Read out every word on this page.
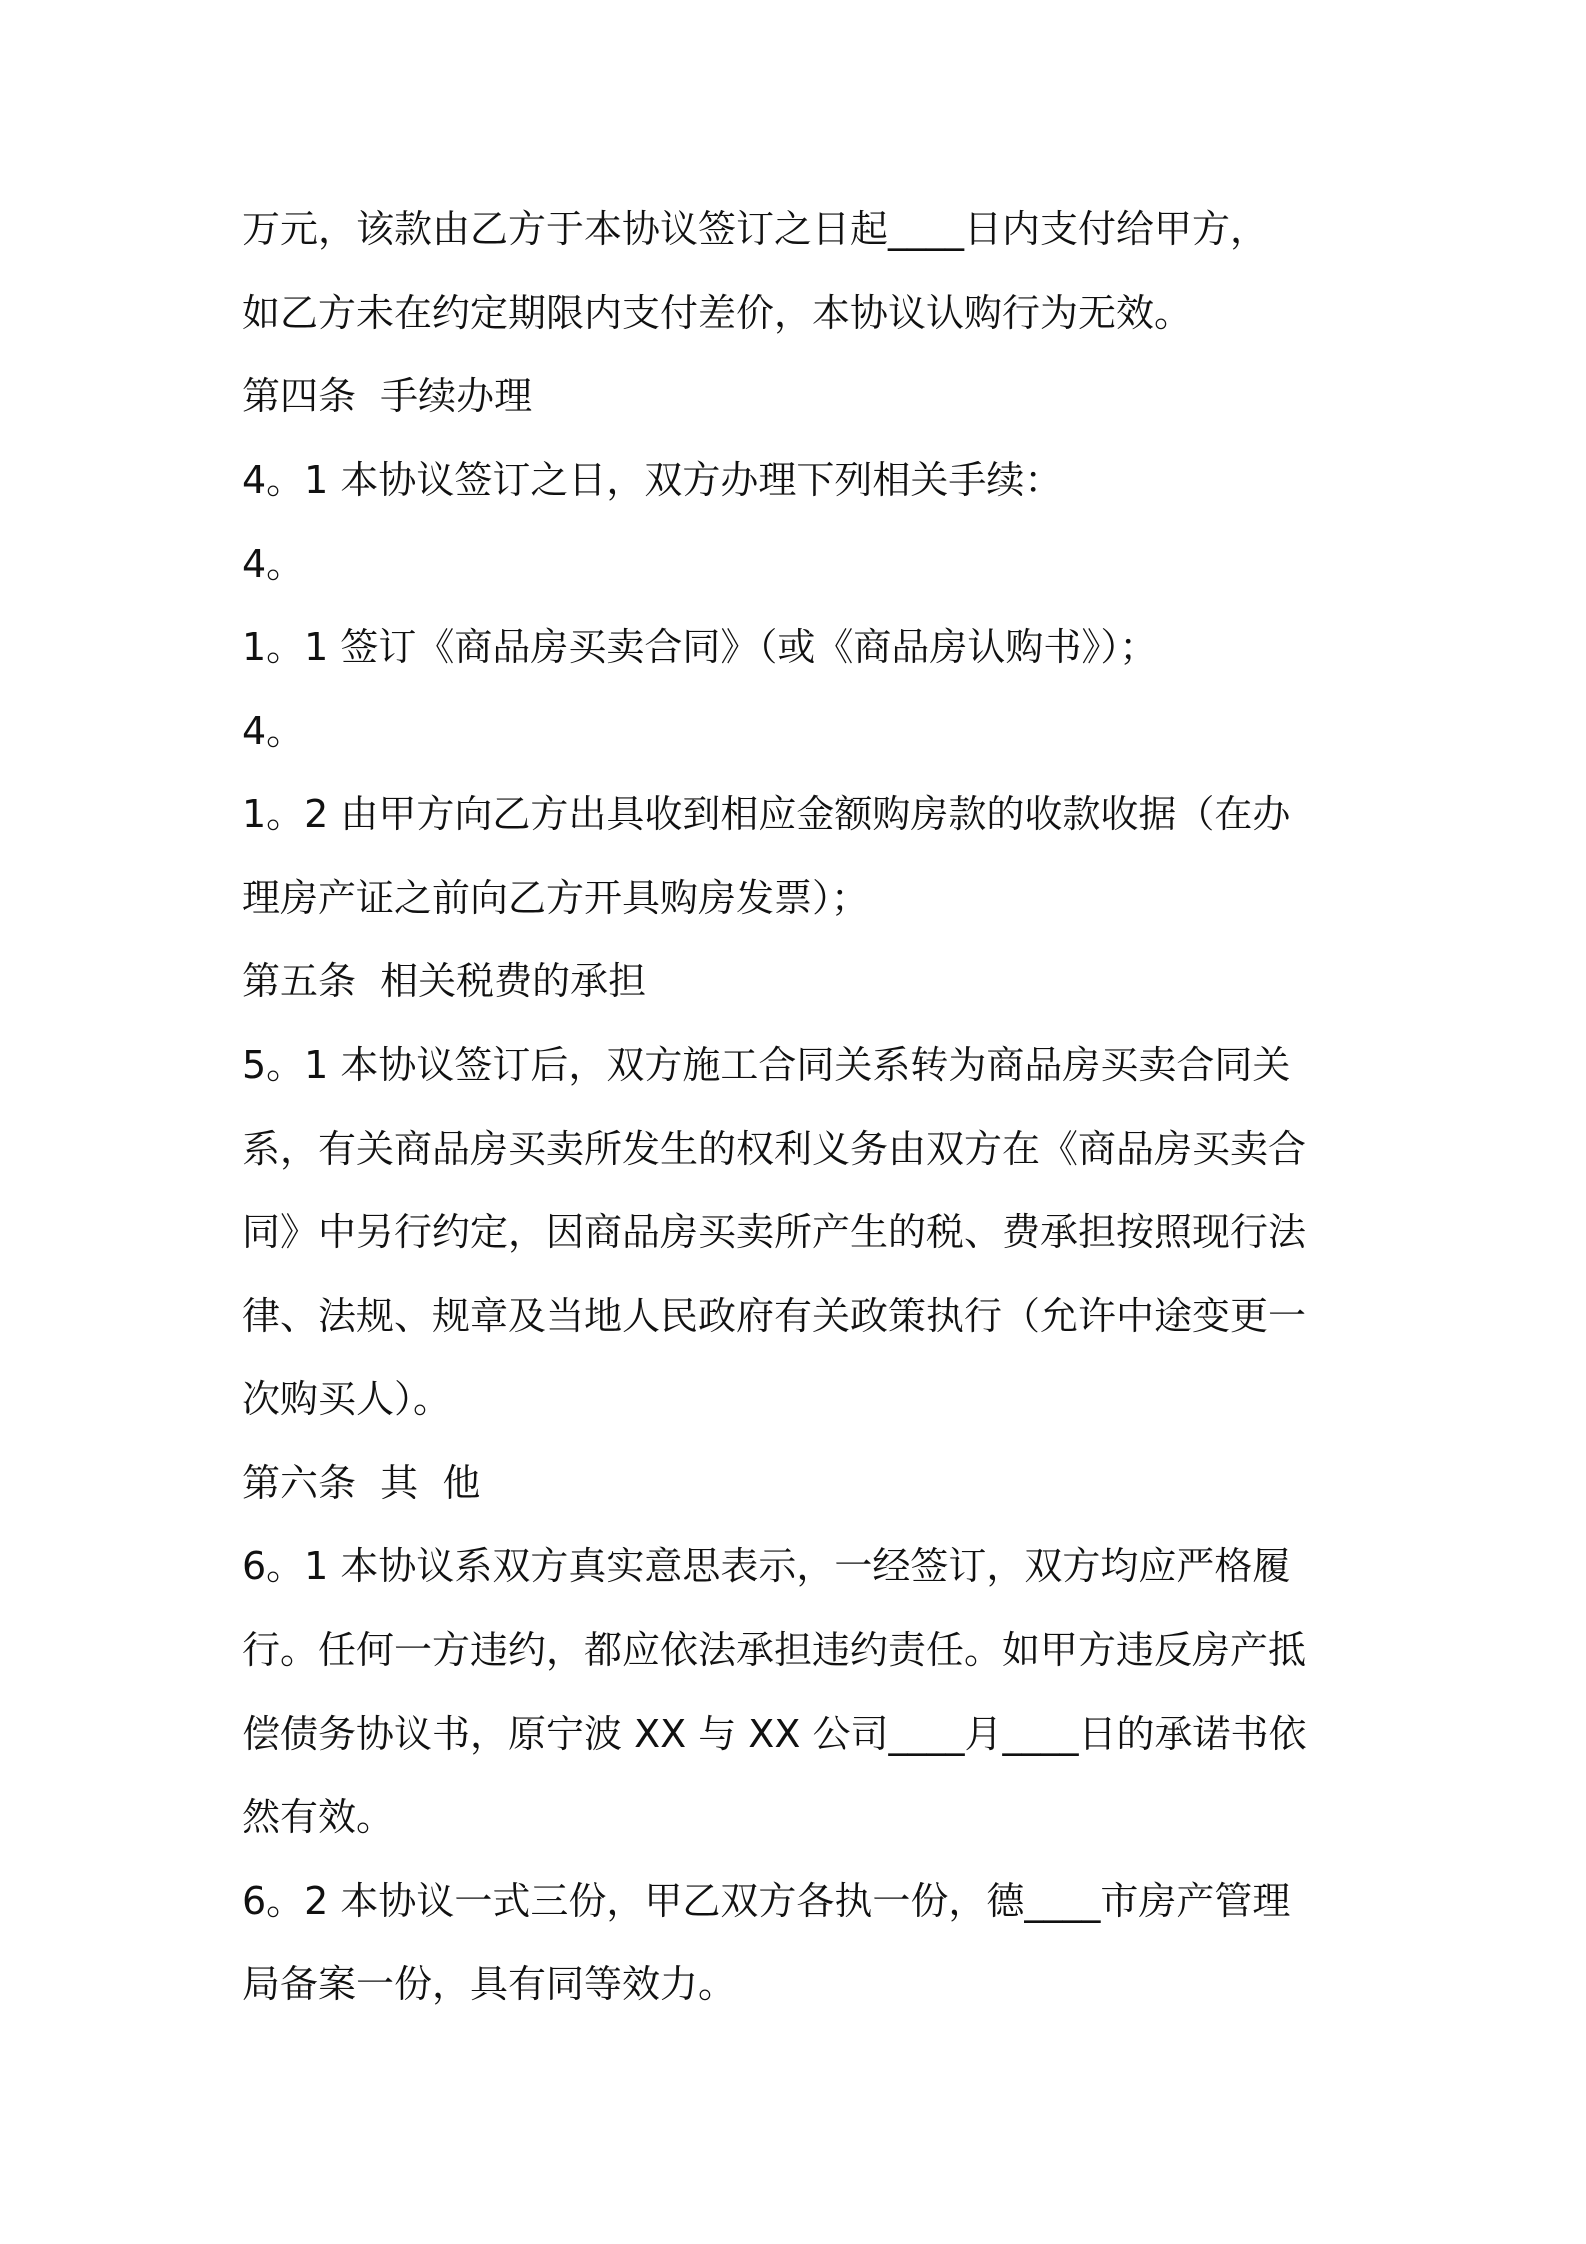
万元，该款由乙方于本协议签订之日起____日内支付给甲方，
如乙方未在约定期限内支付差价，本协议认购行为无效。
第四条  手续办理
4。1 本协议签订之日，双方办理下列相关手续：
4。
1。1 签订《商品房买卖合同》（或《商品房认购书》）；
4。
1。2 由甲方向乙方出具收到相应金额购房款的收款收据（在办
理房产证之前向乙方开具购房发票）；
第五条  相关税费的承担
5。1 本协议签订后，双方施工合同关系转为商品房买卖合同关
系，有关商品房买卖所发生的权利义务由双方在《商品房买卖合
同》中另行约定，因商品房买卖所产生的税、费承担按照现行法
律、法规、规章及当地人民政府有关政策执行（允许中途变更一
次购买人）。
第六条  其  他
6。1 本协议系双方真实意思表示，一经签订，双方均应严格履
行。任何一方违约，都应依法承担违约责任。如甲方违反房产抵
偿债务协议书，原宁波 XX 与 XX 公司____月____日的承诺书依
然有效。
6。2 本协议一式三份，甲乙双方各执一份，德____市房产管理
局备案一份，具有同等效力。
